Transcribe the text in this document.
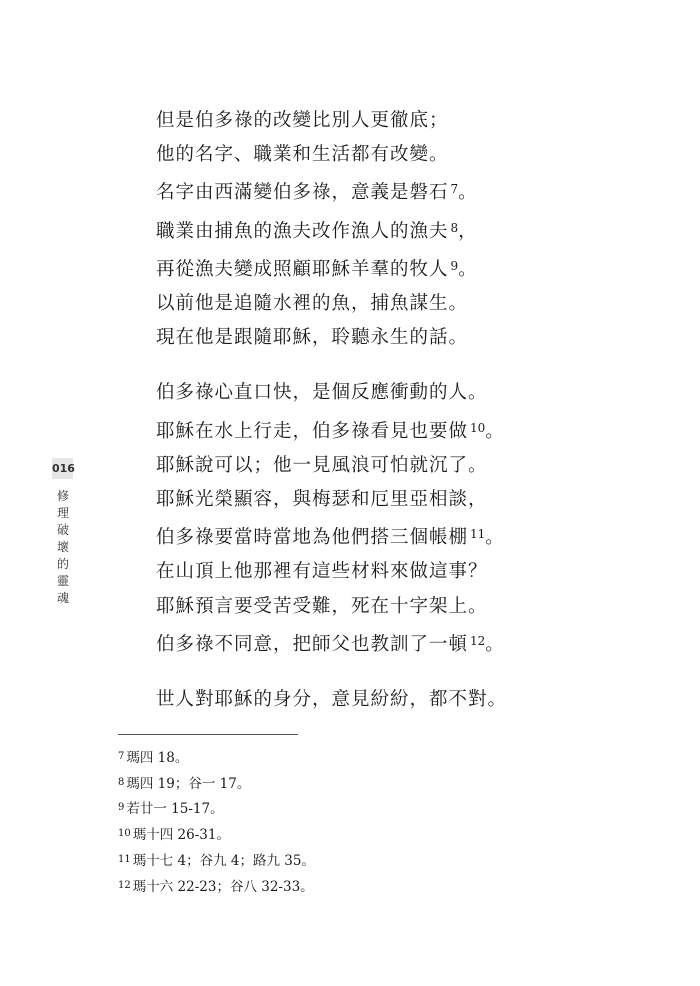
016
修理破壞的靈魂
但是伯多祿的改變比別人更徹底；
他的名字、職業和生活都有改變。
名字由西滿變伯多祿，意義是磐石 $^7$。
職業由捕魚的漁夫改作漁人的漁夫 $^8$，
再從漁夫變成照顧耶穌羊羣的牧人 $^9$。
以前他是追隨水裡的魚，捕魚謀生。
現在他是跟隨耶穌，聆聽永生的話。
伯多祿心直口快，是個反應衝動的人。
耶穌在水上行走，伯多祿看見也要做 $^{10}$。
耶穌說可以；他一見風浪可怕就沉了。
耶穌光榮顯容，與梅瑟和厄里亞相談，
伯多祿要當時當地為他們搭三個帳棚 $^{11}$。
在山頂上他那裡有這些材料來做這事？
耶穌預言要受苦受難，死在十字架上。
伯多祿不同意，把師父也教訓了一頓 $^{12}$。
世人對耶穌的身分，意見紛紛，都不對。
$^7$ 瑪四 18。
$^8$ 瑪四 19；谷一 17。
$^9$ 若廿一 15-17。
$^{10}$ 瑪十四 26-31。
$^{11}$ 瑪十七 4；谷九 4；路九 35。
$^{12}$ 瑪十六 22-23；谷八 32-33。
